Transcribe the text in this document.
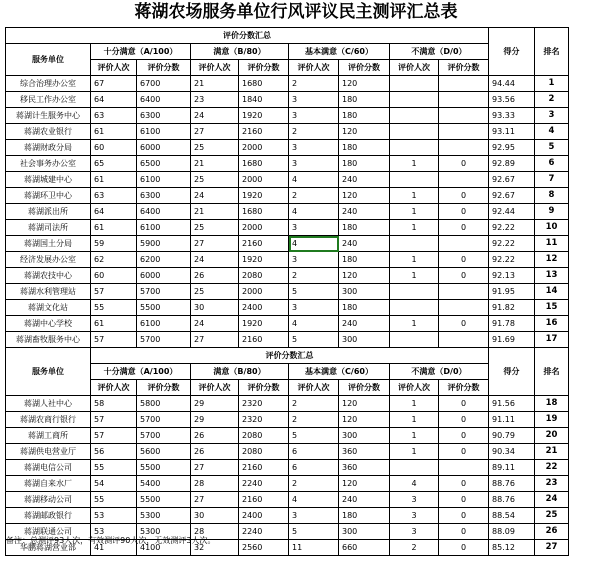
蒋湖农场服务单位行风评议民主测评汇总表
评价分数汇总									得分	排名
服务单位	十分满意（A/100）		满意（B/80）		基本满意（C/60）		不满意（D/0）			
	评价人次	评价分数	评价人次	评价分数	评价人次	评价分数	评价人次	评价分数		
综合治理办公室	67	6700	21	1680	2	120			94.44	1
移民工作办公室	64	6400	23	1840	3	180			93.56	2
蒋湖计生服务中心	63	6300	24	1920	3	180			93.33	3
蒋湖农业银行	61	6100	27	2160	2	120			93.11	4
蒋湖财政分局	60	6000	25	2000	3	180			92.95	5
社会事务办公室	65	6500	21	1680	3	180	1	0	92.89	6
蒋湖城建中心	61	6100	25	2000	4	240			92.67	7
蒋湖环卫中心	63	6300	24	1920	2	120	1	0	92.67	8
蒋湖派出所	64	6400	21	1680	4	240	1	0	92.44	9
蒋湖司法所	61	6100	25	2000	3	180	1	0	92.22	10
蒋湖国土分局	59	5900	27	2160	4	240			92.22	11
经济发展办公室	62	6200	24	1920	3	180	1	0	92.22	12
蒋湖农技中心	60	6000	26	2080	2	120	1	0	92.13	13
蒋湖水利管理站	57	5700	25	2000	5	300			91.95	14
蒋湖文化站	55	5500	30	2400	3	180			91.82	15
蒋湖中心学校	61	6100	24	1920	4	240	1	0	91.78	16
蒋湖畜牧服务中心	57	5700	27	2160	5	300			91.69	17
服务单位	评价分数汇总								得分	排名
	十分满意（A/100）		满意（B/80）		基本满意（C/60）		不满意（D/0）			
	评价人次	评价分数	评价人次	评价分数	评价人次	评价分数	评价人次	评价分数		
蒋湖人社中心	58	5800	29	2320	2	120	1	0	91.56	18
蒋湖农商行银行	57	5700	29	2320	2	120	1	0	91.11	19
蒋湖工商所	57	5700	26	2080	5	300	1	0	90.79	20
蒋湖供电营业厅	56	5600	26	2080	6	360	1	0	90.34	21
蒋湖电信公司	55	5500	27	2160	6	360			89.11	22
蒋湖自来水厂	54	5400	28	2240	2	120	4	0	88.76	23
蒋湖移动公司	55	5500	27	2160	4	240	3	0	88.76	24
蒋湖邮政银行	53	5300	30	2400	3	180	3	0	88.54	25
蒋湖联通公司	53	5300	28	2240	5	300	3	0	88.09	26
华鹏蒋湖营业部	41	4100	32	2560	11	660	2	0	85.12	27
备注：总测评93人次，有效测评90人次，无效测评3人次。
